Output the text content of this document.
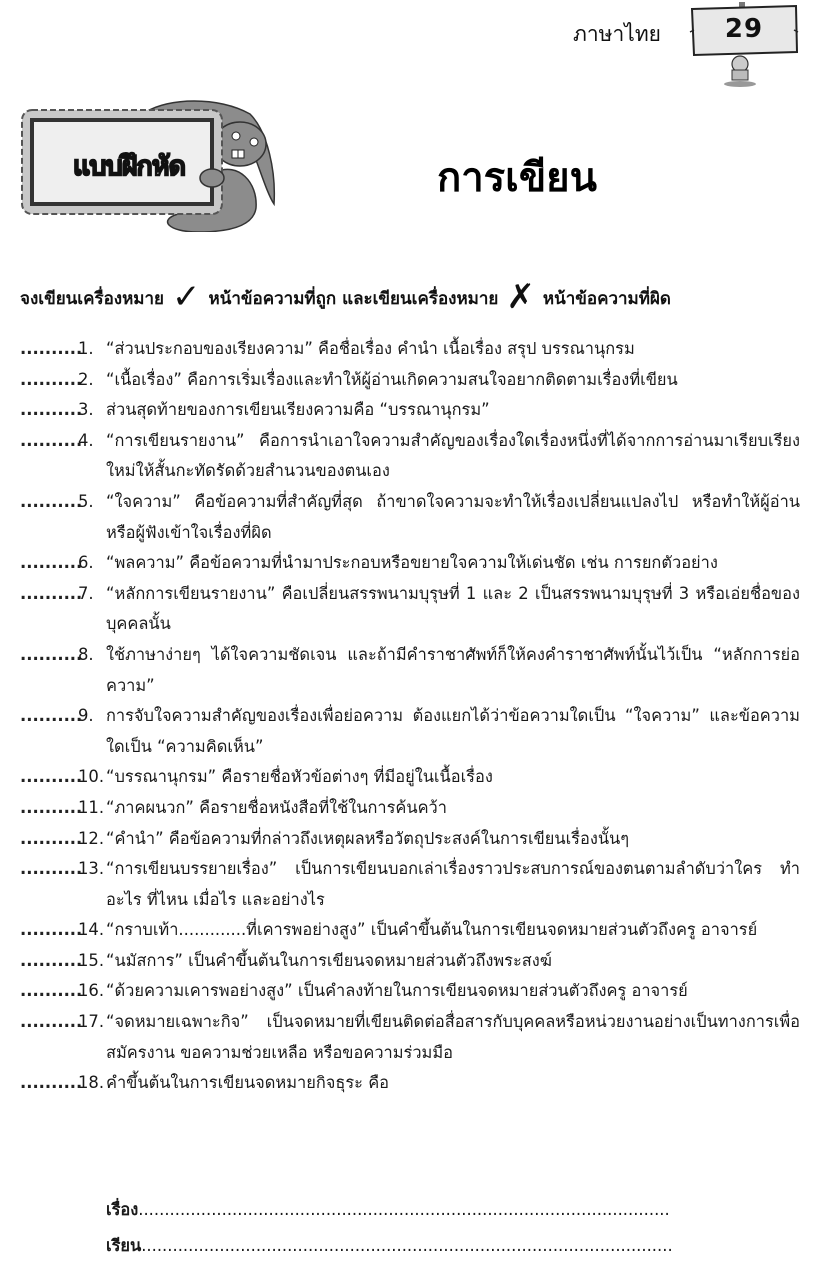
ภาษาไทย	29
แบบฝึกหัด	การเขียน
จงเขียนเครื่องหมาย ✓ หน้าข้อความที่ถูก และเขียนเครื่องหมาย ✗ หน้าข้อความที่ผิด
..........
1. “ส่วนประกอบของเรียงความ” คือชื่อเรื่อง คำนำ เนื้อเรื่อง สรุป บรรณานุกรม
..........
2. “เนื้อเรื่อง” คือการเริ่มเรื่องและทำให้ผู้อ่านเกิดความสนใจอยากติดตามเรื่องที่เขียน
..........
3. ส่วนสุดท้ายของการเขียนเรียงความคือ “บรรณานุกรม”
..........
4. “การเขียนรายงาน” คือการนำเอาใจความสำคัญของเรื่องใดเรื่องหนึ่งที่ได้จากการอ่านมาเรียบเรียงใหม่ให้สั้นกะทัดรัดด้วยสำนวนของตนเอง
..........
5. “ใจความ” คือข้อความที่สำคัญที่สุด ถ้าขาดใจความจะทำให้เรื่องเปลี่ยนแปลงไป หรือทำให้ผู้อ่านหรือผู้ฟังเข้าใจเรื่องที่ผิด
..........
6. “พลความ” คือข้อความที่นำมาประกอบหรือขยายใจความให้เด่นชัด เช่น การยกตัวอย่าง
..........
7. “หลักการเขียนรายงาน” คือเปลี่ยนสรรพนามบุรุษที่ 1 และ 2 เป็นสรรพนามบุรุษที่ 3 หรือเอ่ยชื่อของบุคคลนั้น
..........
8. ใช้ภาษาง่ายๆ ได้ใจความชัดเจน และถ้ามีคำราชาศัพท์ก็ให้คงคำราชาศัพท์นั้นไว้เป็น “หลักการย่อความ”
..........
9. การจับใจความสำคัญของเรื่องเพื่อย่อความ ต้องแยกได้ว่าข้อความใดเป็น “ใจความ” และข้อความใดเป็น “ความคิดเห็น”
..........
10. “บรรณานุกรม” คือรายชื่อหัวข้อต่างๆ ที่มีอยู่ในเนื้อเรื่อง
..........
11. “ภาคผนวก” คือรายชื่อหนังสือที่ใช้ในการค้นคว้า
..........
12. “คำนำ” คือข้อความที่กล่าวถึงเหตุผลหรือวัตถุประสงค์ในการเขียนเรื่องนั้นๆ
..........
13. “การเขียนบรรยายเรื่อง” เป็นการเขียนบอกเล่าเรื่องราวประสบการณ์ของตนตามลำดับว่าใคร ทำอะไร ที่ไหน เมื่อไร และอย่างไร
..........
14. “กราบเท้า.............ที่เคารพอย่างสูง” เป็นคำขึ้นต้นในการเขียนจดหมายส่วนตัวถึงครู อาจารย์
..........
15. “นมัสการ” เป็นคำขึ้นต้นในการเขียนจดหมายส่วนตัวถึงพระสงฆ์
..........
16. “ด้วยความเคารพอย่างสูง” เป็นคำลงท้ายในการเขียนจดหมายส่วนตัวถึงครู อาจารย์
..........
17. “จดหมายเฉพาะกิจ” เป็นจดหมายที่เขียนติดต่อสื่อสารกับบุคคลหรือหน่วยงานอย่างเป็นทางการเพื่อสมัครงาน ขอความช่วยเหลือ หรือขอความร่วมมือ
..........
18. คำขึ้นต้นในการเขียนจดหมายกิจธุระ คือ
เรื่อง......................................................................................................
เรียน......................................................................................................
